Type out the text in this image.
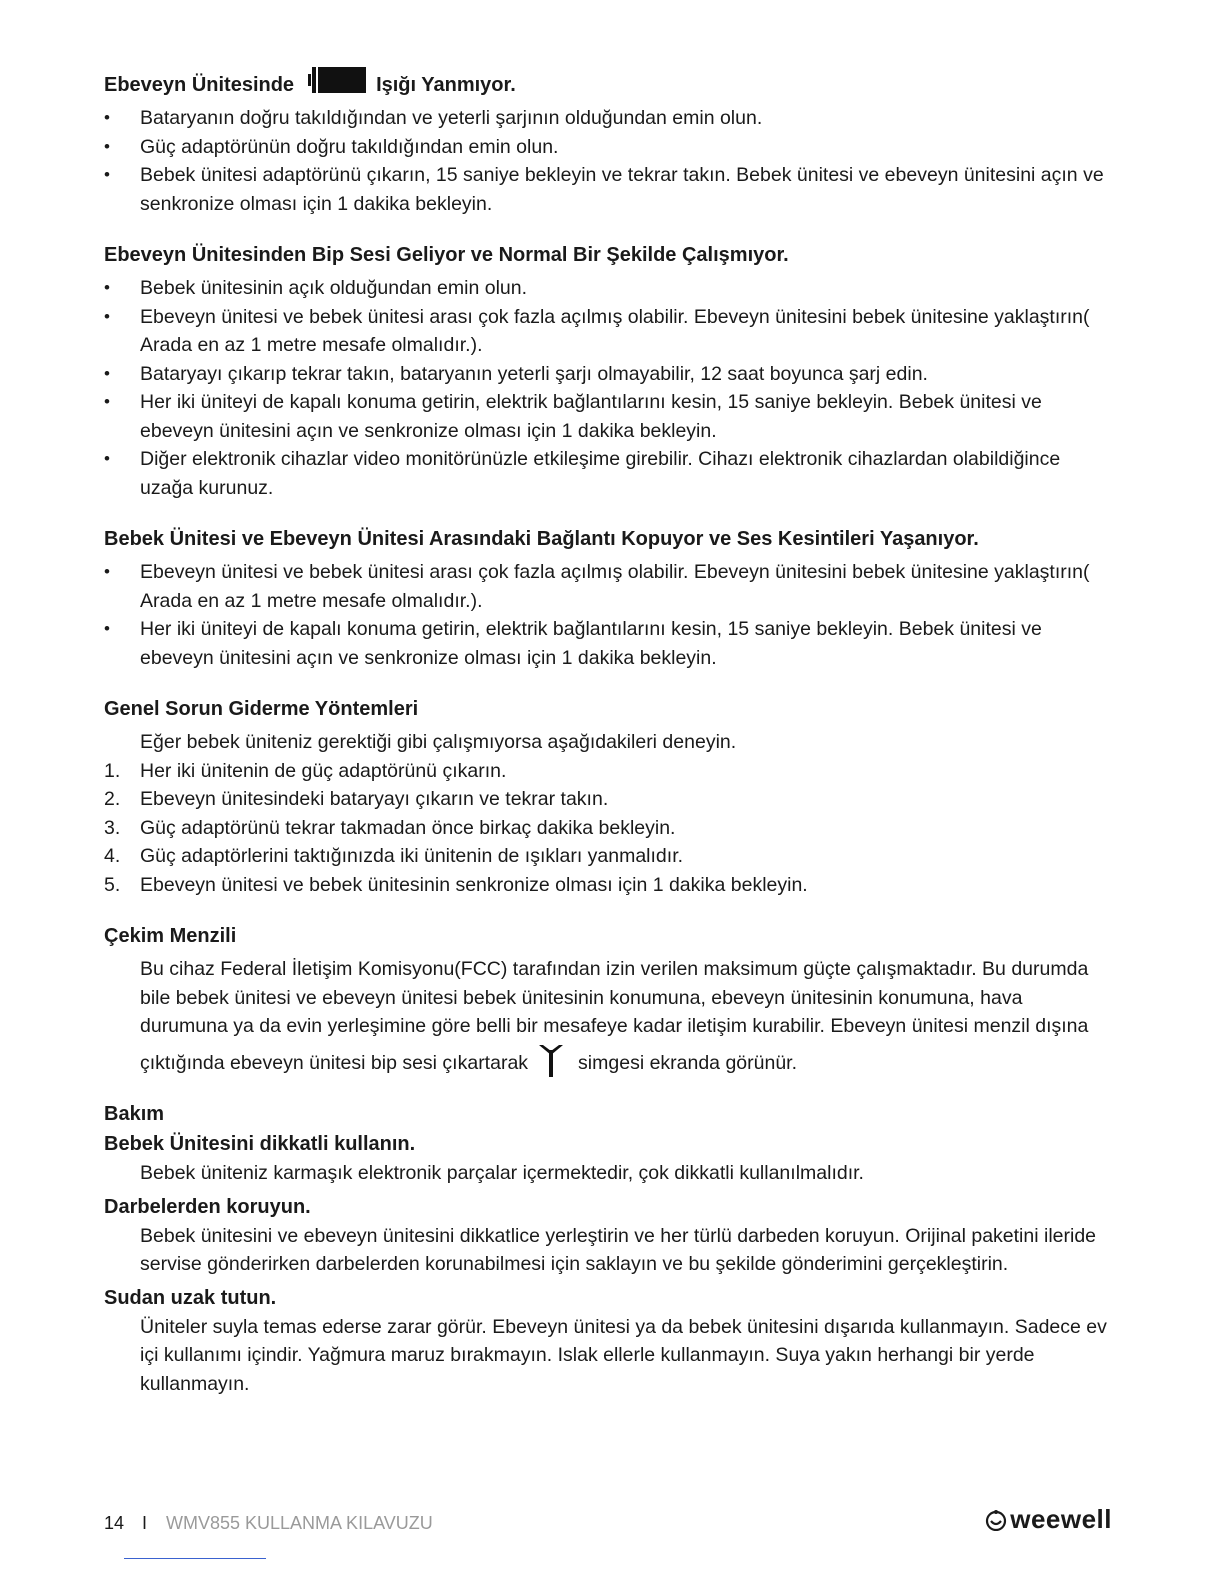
Ebeveyn Ünitesinde	Işığı Yanmıyor.
• Bataryanın doğru takıldığından ve yeterli şarjının olduğundan emin olun.
• Güç adaptörünün doğru takıldığından emin olun.
• Bebek ünitesi adaptörünü çıkarın, 15 saniye bekleyin ve tekrar takın. Bebek ünitesi ve ebeveyn ünitesini açın ve senkronize olması için 1 dakika bekleyin.
Ebeveyn Ünitesinden Bip Sesi Geliyor ve Normal Bir Şekilde Çalışmıyor.
• Bebek ünitesinin açık olduğundan emin olun.
• Ebeveyn ünitesi ve bebek ünitesi arası çok fazla açılmış olabilir. Ebeveyn ünitesini bebek ünitesine yaklaştırın( Arada en az 1 metre mesafe olmalıdır.).
• Bataryayı çıkarıp tekrar takın, bataryanın yeterli şarjı olmayabilir, 12 saat boyunca şarj edin.
• Her iki üniteyi de kapalı konuma getirin, elektrik bağlantılarını kesin, 15 saniye bekleyin. Bebek ünitesi ve ebeveyn ünitesini açın ve senkronize olması için 1 dakika bekleyin.
• Diğer elektronik cihazlar video monitörünüzle etkileşime girebilir. Cihazı elektronik cihazlardan olabildiğince uzağa kurunuz.
Bebek Ünitesi ve Ebeveyn Ünitesi Arasındaki Bağlantı Kopuyor ve Ses Kesintileri Yaşanıyor.
• Ebeveyn ünitesi ve bebek ünitesi arası çok fazla açılmış olabilir. Ebeveyn ünitesini bebek ünitesine yaklaştırın( Arada en az 1 metre mesafe olmalıdır.).
• Her iki üniteyi de kapalı konuma getirin, elektrik bağlantılarını kesin, 15 saniye bekleyin. Bebek ünitesi ve ebeveyn ünitesini açın ve senkronize olması için 1 dakika bekleyin.
Genel Sorun Giderme Yöntemleri

Eğer bebek üniteniz gerektiği gibi çalışmıyorsa aşağıdakileri deneyin.

1. Her iki ünitenin de güç adaptörünü çıkarın.
2. Ebeveyn ünitesindeki bataryayı çıkarın ve tekrar takın.
3. Güç adaptörünü tekrar takmadan önce birkaç dakika bekleyin.
4. Güç adaptörlerini taktığınızda iki ünitenin de ışıkları yanmalıdır.
5. Ebeveyn ünitesi ve bebek ünitesinin senkronize olması için 1 dakika bekleyin.
Çekim Menzili

Bu cihaz Federal İletişim Komisyonu(FCC) tarafından izin verilen maksimum güçte çalışmaktadır. Bu durumda bile bebek ünitesi ve ebeveyn ünitesi bebek ünitesinin konumuna, ebeveyn ünitesinin konumuna, hava durumuna ya da evin yerleşimine göre belli bir mesafeye kadar iletişim kurabilir. Ebeveyn ünitesi menzil dışına çıktığında ebeveyn ünitesi bip sesi çıkartarak	simgesi ekranda görünür.

Bakım
Bebek Ünitesini dikkatli kullanın.

Bebek üniteniz karmaşık elektronik parçalar içermektedir, çok dikkatli kullanılmalıdır.

Darbelerden koruyun.

Bebek ünitesini ve ebeveyn ünitesini dikkatlice yerleştirin ve her türlü darbeden koruyun. Orijinal paketini ileride servise gönderirken darbelerden korunabilmesi için saklayın ve bu şekilde gönderimini gerçekleştirin.

Sudan uzak tutun.

Üniteler suyla temas ederse zarar görür. Ebeveyn ünitesi ya da bebek ünitesini dışarıda kullanmayın. Sadece ev içi kullanımı içindir. Yağmura maruz bırakmayın. Islak ellerle kullanmayın. Suya yakın herhangi bir yerde kullanmayın.

14 I WMV855 KULLANMA KILAVUZU	weewell
